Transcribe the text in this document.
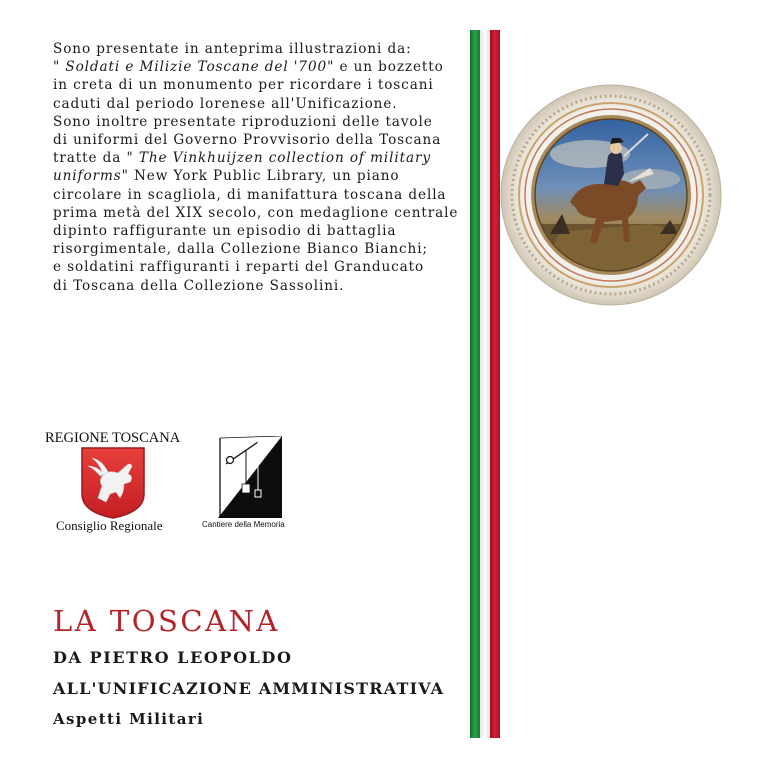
Sono presentate in anteprima illustrazioni da:
" Soldati e Milizie Toscane del '700" e un bozzetto
in creta di un monumento per ricordare i toscani
caduti dal periodo lorenese all'Unificazione.
Sono inoltre presentate riproduzioni delle tavole
di uniformi del Governo Provvisorio della Toscana
tratte da " The Vinkhuijzen collection of military
uniforms" New York Public Library, un piano
circolare in scagliola, di manifattura toscana della
prima metà del XIX secolo, con medaglione centrale
dipinto raffigurante un episodio di battaglia
risorgimentale, dalla Collezione Bianco Bianchi;
e soldatini raffiguranti i reparti del Granducato
di Toscana della Collezione Sassolini.
REGIONE TOSCANA
Consiglio Regionale	Cantiere della Memoria
LA TOSCANA
DA PIETRO LEOPOLDO
ALL'UNIFICAZIONE AMMINISTRATIVA
Aspetti Militari
